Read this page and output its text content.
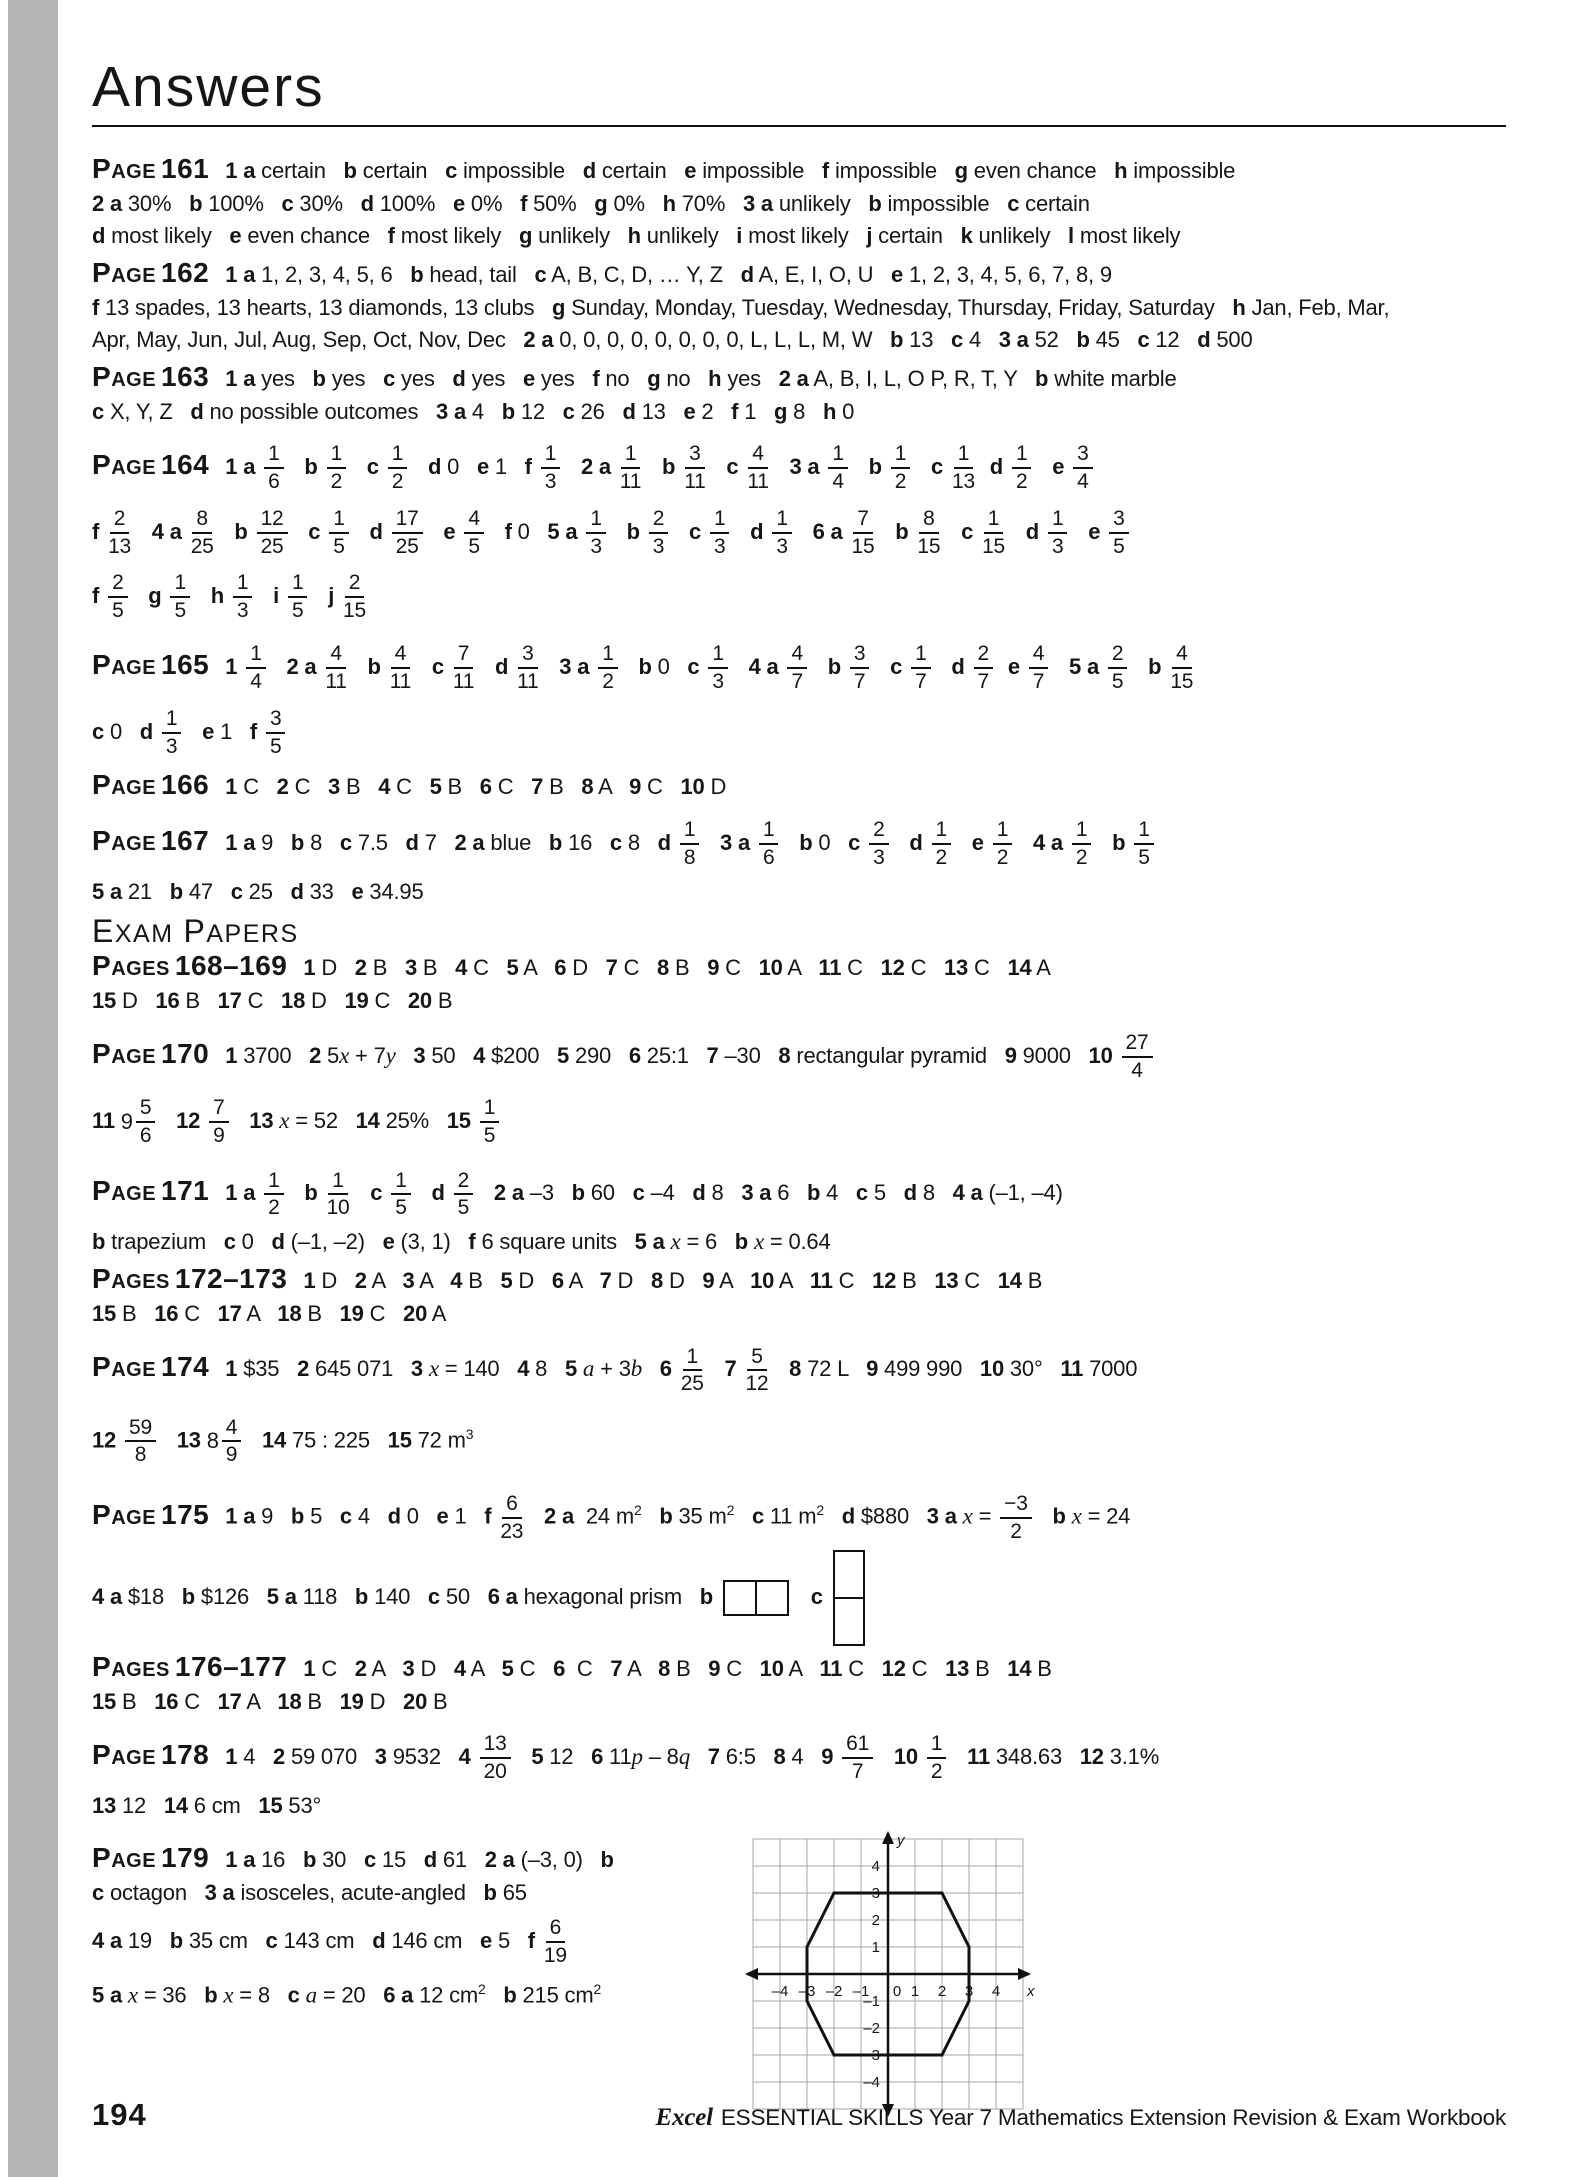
Answers
PAGE 161 1 a certain   b certain   c impossible   d certain   e impossible   f impossible   g even chance   h impossible
2 a 30%   b 100%   c 30%   d 100%   e 0%   f 50%   g 0%   h 70%   3 a unlikely   b impossible   c certain
d most likely   e even chance   f most likely   g unlikely   h unlikely   i most likely   j certain   k unlikely   l most likely
PAGE 162 1 a 1, 2, 3, 4, 5, 6   b head, tail   c A, B, C, D, … Y, Z   d A, E, I, O, U   e 1, 2, 3, 4, 5, 6, 7, 8, 9
f 13 spades, 13 hearts, 13 diamonds, 13 clubs   g Sunday, Monday, Tuesday, Wednesday, Thursday, Friday, Saturday   h Jan, Feb, Mar,
Apr, May, Jun, Jul, Aug, Sep, Oct, Nov, Dec   2 a 0, 0, 0, 0, 0, 0, 0, 0, L, L, L, M, W   b 13   c 4   3 a 52   b 45   c 12   d 500
PAGE 163 1 a yes   b yes   c yes   d yes   e yes   f no   g no   h yes   2 a A, B, I, L, O P, R, T, Y   b white marble
c X, Y, Z   d no possible outcomes   3 a 4   b 12   c 26   d 13   e 2   f 1   g 8   h 0
PAGE 164 1 a $\frac{1}{6}$ b $\frac{1}{2}$ c $\frac{1}{2}$ d 0   e 1   f $\frac{1}{3} 2$ a $\frac{1}{11}$ b $\frac{3}{11}$ c $\frac{4}{11} 3$ a $\frac{1}{4}$ b $\frac{1}{2}$ c $\frac{1}{13}$ d $\frac{1}{2}$ e $\frac{3}{4}$
f $\frac{2}{13} 4$ a $\frac{8}{25}$ b $\frac{12}{25}$ c $\frac{1}{5}$ d $\frac{17}{25}$ e $\frac{4}{5}$ f 0   5 a $\frac{1}{3}$ b $\frac{2}{3}$ c $\frac{1}{3}$ d $\frac{1}{3} 6$ a $\frac{7}{15}$ b $\frac{8}{15}$ c $\frac{1}{15}$ d $\frac{1}{3}$ e $\frac{3}{5}$
f $\frac{2}{5}$ g $\frac{1}{5}$ h $\frac{1}{3}$ i $\frac{1}{5}$ j $\frac{2}{15}$
PAGE 165 $1 \frac{1}{4} 2$ a $\frac{4}{11}$ b $\frac{4}{11}$ c $\frac{7}{11}$ d $\frac{3}{11} 3$ a $\frac{1}{2}$ b 0   c $\frac{1}{3} 4$ a $\frac{4}{7}$ b $\frac{3}{7}$ c $\frac{1}{7}$ d $\frac{2}{7}$ e $\frac{4}{7} 5$ a $\frac{2}{5}$ b $\frac{4}{15}$
c 0   d $\frac{1}{3}$ e 1   f $\frac{3}{5}$
PAGE 166 1 C   2 C   3 B   4 C   5 B   6 C   7 B   8 A   9 C   10 D
PAGE 167 1 a 9   b 8   c 7.5   d 7   2 a blue   b 16   c 8   d $\frac{1}{8} 3$ a $\frac{1}{6}$ b 0   c $\frac{2}{3}$ d $\frac{1}{2}$ e $\frac{1}{2} 4$ a $\frac{1}{2}$ b $\frac{1}{5}$
5 a 21   b 47   c 25   d 33   e 34.95
EXAM PAPERS
PAGES 168–169 1 D   2 B   3 B   4 C   5 A   6 D   7 C   8 B   9 C   10 A   11 C   12 C   13 C   14 A
15 D   16 B   17 C   18 D   19 C   20 B
PAGE 170 1 3700   2 5x + 7y 3 50   4 $200   5 290   6 25:1   7 –30   8 rectangular pyramid   9 9000   $10 \frac{27}{4}$
11 $9 \frac{5}{6} 12 \frac{7}{9} 13$ x = 52   14 25%   $15 \frac{1}{5}$
PAGE 171 1 a $\frac{1}{2}$ b $\frac{1}{10}$ c $\frac{1}{5}$ d $\frac{2}{5} 2$ a –3   b 60   c –4   d 8   3 a 6   b 4   c 5   d 8   4 a (–1, –4)
b trapezium   c 0   d (–1, –2)   e (3, 1)   f 6 square units   5 a x = 6   b x = 0.64
PAGES 172–173 1 D   2 A   3 A   4 B   5 D   6 A   7 D   8 D   9 A   10 A   11 C   12 B   13 C   14 B
15 B   16 C   17 A   18 B   19 C   20 A
PAGE 174 1 $35   2 645 071   3 x = 140   4 8   5 a + 3b $6 \frac{1}{25} 7 \frac{5}{12} 8$ 72 L   9 499 990   10 30°   11 7000
$12 \frac{59}{8} 13$ $8 \frac{4}{9} 14$ 75 : 225   15 72 $m^3$
PAGE 175 1 a 9   b 5   c 4   d 0   e 1   f $\frac{6}{23} 2$ a  24 $m^2$ b 35 $m^2$ c 11 $m^2$ d $880   3 a $x = \frac{-3}{2}$ b x = 24
4 a $18   b $126   5 a 118   b 140   c 50   6 a hexagonal prism   b	c
PAGES 176–177 1 C   2 A   3 D   4 A   5 C   6  C   7 A   8 B   9 C   10 A   11 C   12 C   13 B   14 B
15 B   16 C   17 A   18 B   19 D   20 B
PAGE 178 1 4   2 59 070   3 9532   $4 \frac{13}{20} 5$ 12   6 11p – 8q 7 6:5   8 4   $9 \frac{61}{7} 10 \frac{1}{2} 11$ 348.63   12 3.1%
13 12   14 6 cm   15 53°
PAGE 179 1 a 16   b 30   c 15   d 61   2 a (–3, 0)   b
c octagon   3 a isosceles, acute-angled   b 65
4 a 19   b 35 cm   c 143 cm   d 146 cm   e 5   f $\frac{6}{19}$
5 a x = 36   b x = 8   c a = 20   6 a 12 $cm^2$ b 215 $cm^2$	–4 –3 –2 –1 0 1 2 3 4
–4
–3
–2
–1
1
2
3
4
x
y
194	Excel ESSENTIAL SKILLS Year 7 Mathematics Extension Revision & Exam Workbook
